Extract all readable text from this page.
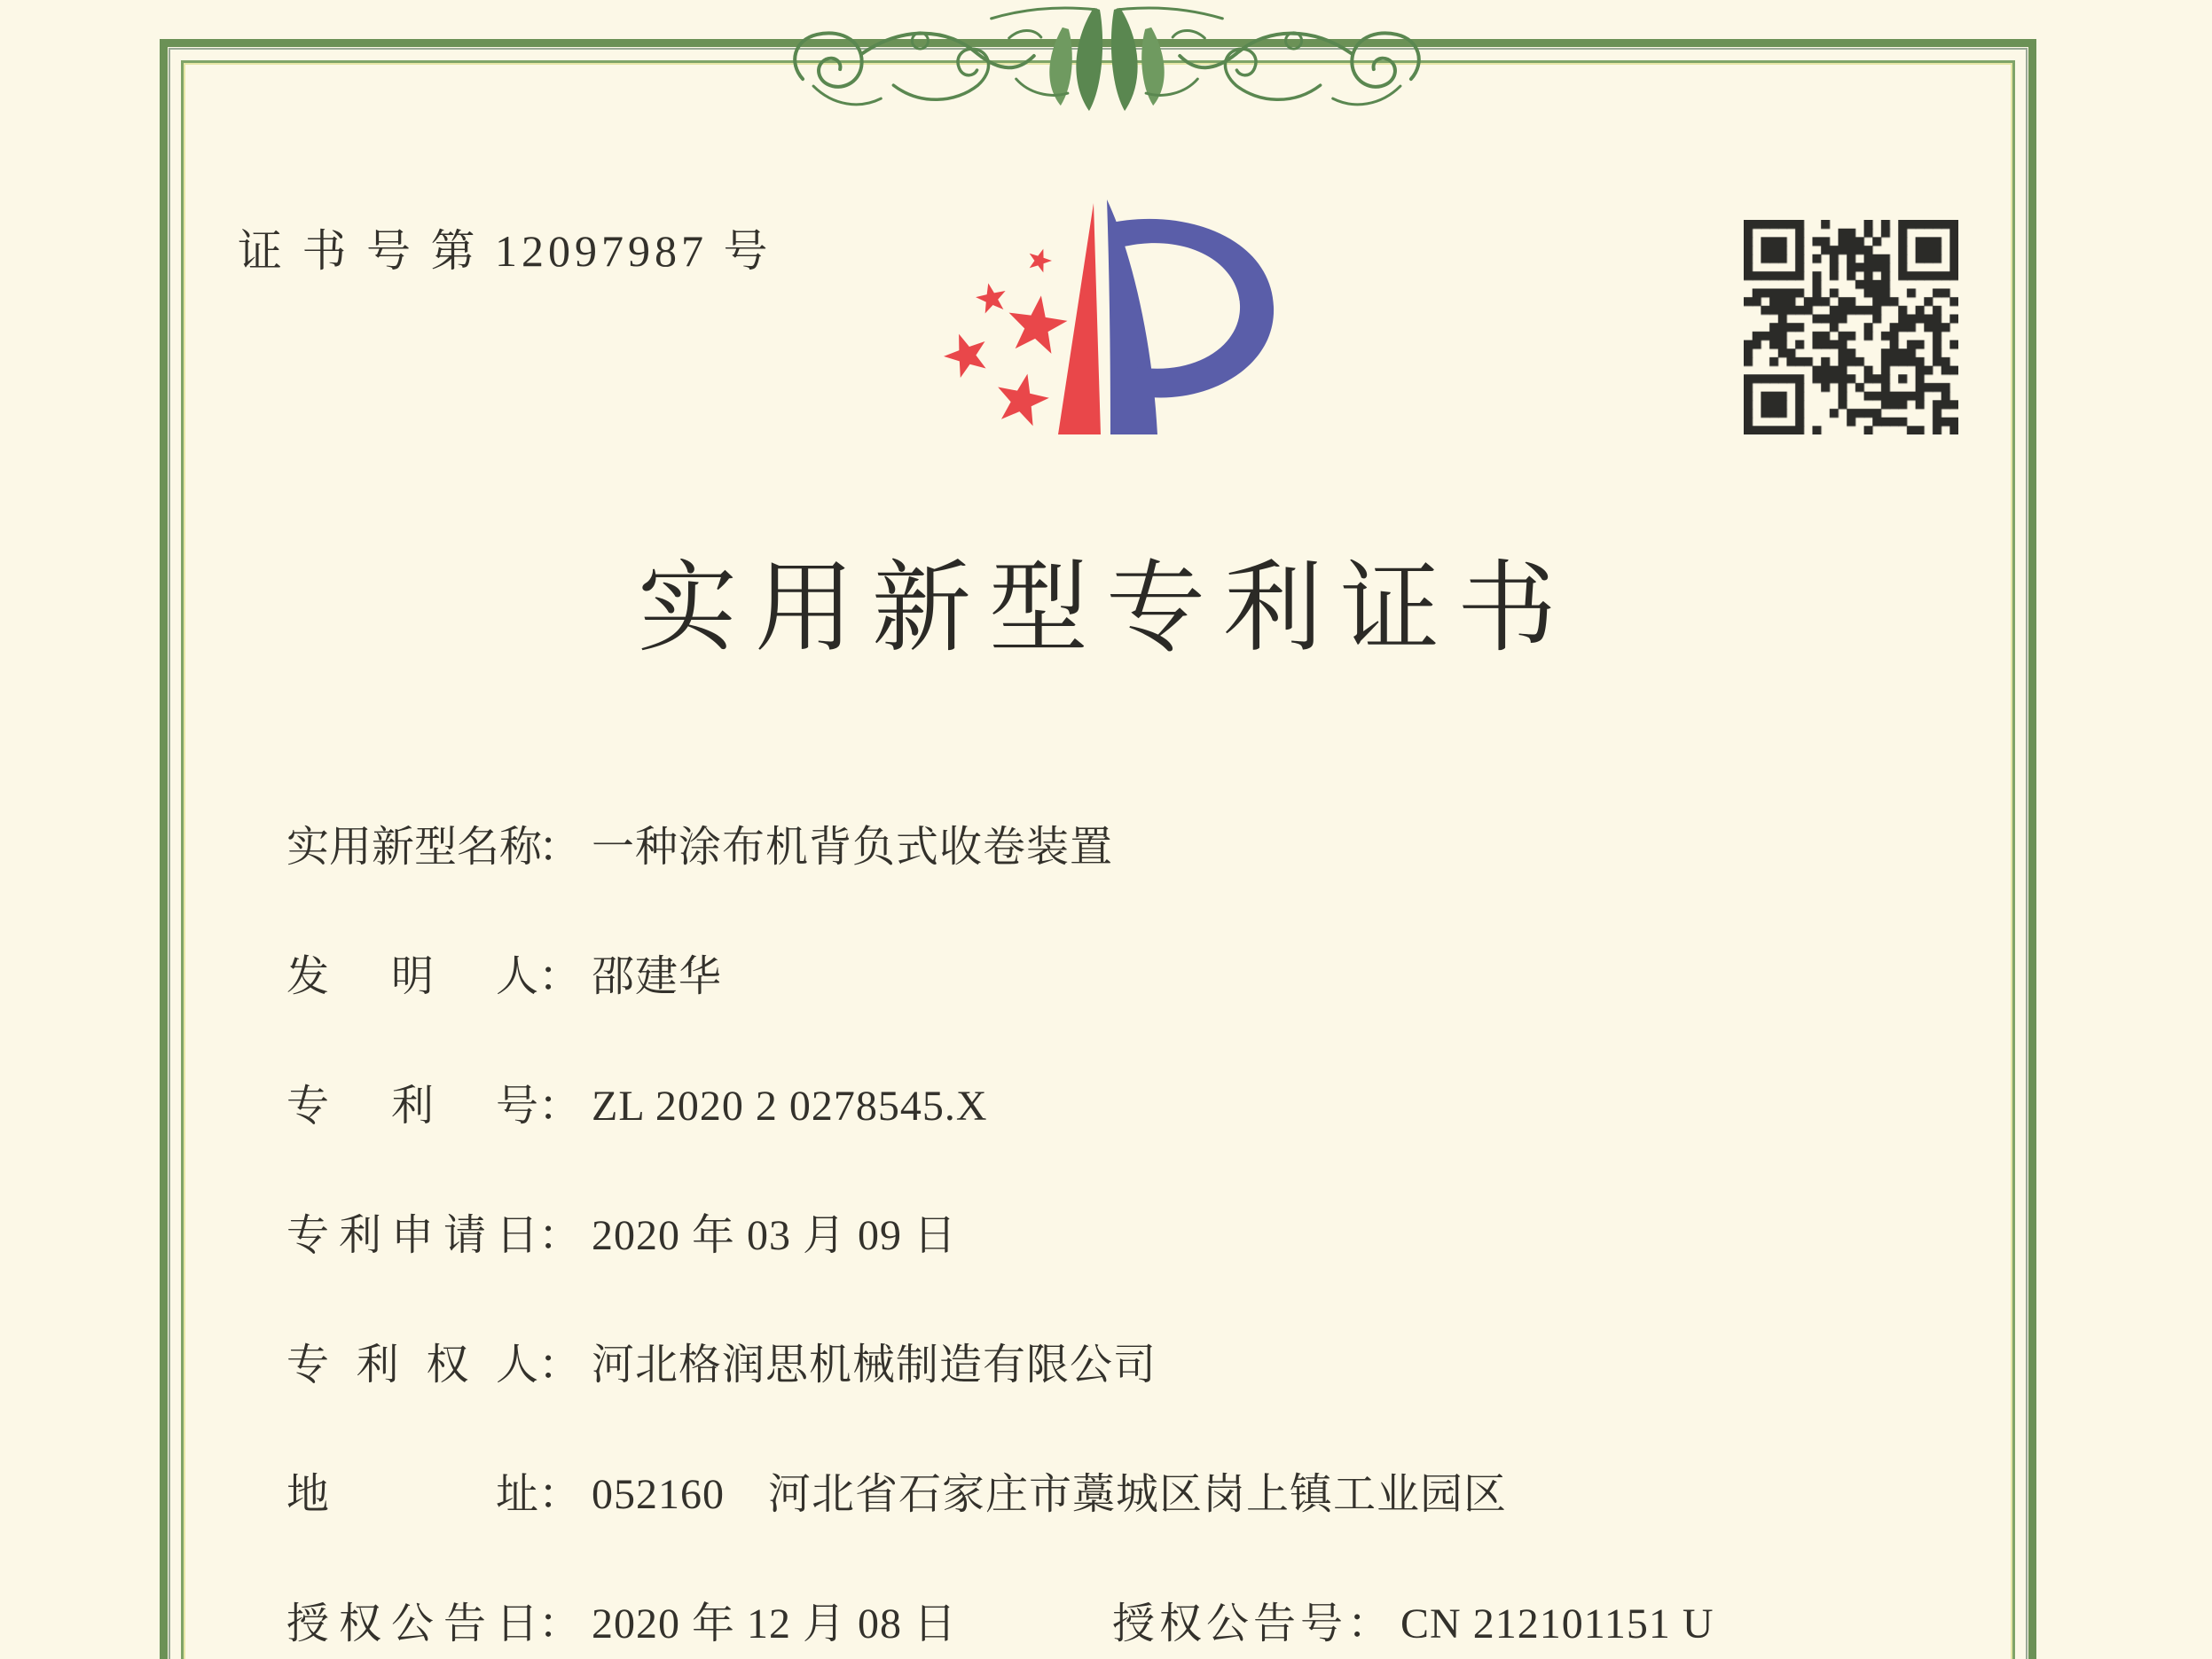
证 书 号 第 12097987 号
实用新型专利证书
实用新型名称： 一种涂布机背负式收卷装置
发明人： 邵建华
专利号： ZL 2020 2 0278545.X
专利申请日： 2020 年 03 月 09 日
专利权人： 河北格润思机械制造有限公司
地址： 052160　河北省石家庄市藁城区岗上镇工业园区
授权公告日： 2020 年 12 月 08 日	授权公告号： CN 212101151 U
